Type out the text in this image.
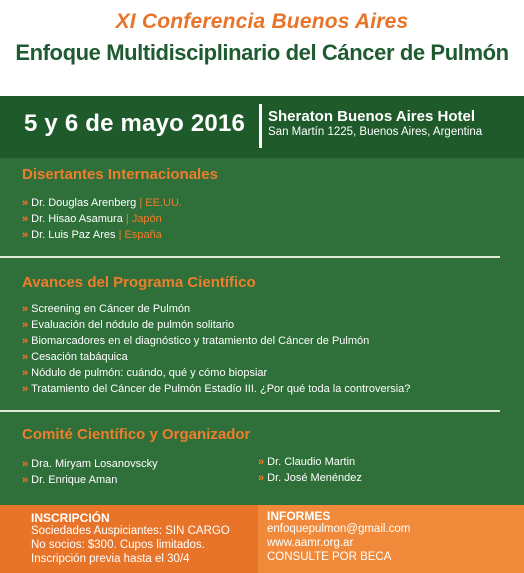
XI Conferencia Buenos Aires
Enfoque Multidisciplinario del Cáncer de Pulmón
5 y 6 de mayo 2016 Sheraton Buenos Aires Hotel
San Martín 1225, Buenos Aires, Argentina
Disertantes Internacionales
» Dr. Douglas Arenberg | EE.UU.
» Dr. Hisao Asamura | Japón
» Dr. Luis Paz Ares | España
Avances del Programa Científico
» Screening en Cáncer de Pulmón
» Evaluación del nódulo de pulmón solitario
» Biomarcadores en el diagnóstico y tratamiento del Cáncer de Pulmón
» Cesación tabáquica
» Nódulo de pulmón: cuándo, qué y cómo biopsiar
» Tratamiento del Cáncer de Pulmón Estadío III. ¿Por qué toda la controversia?
Comité Científico y Organizador
» Dra. Miryam Losanovscky
» Dr. Enrique Aman
» Dr. Claudio Martin
» Dr. José Menéndez
INSCRIPCIÓN
Sociedades Auspiciantes: SIN CARGO
No socios: $300. Cupos limitados.
Inscripción previa hasta el 30/4
INFORMES
enfoquepulmon@gmail.com
www.aamr.org.ar
CONSULTE POR BECA
